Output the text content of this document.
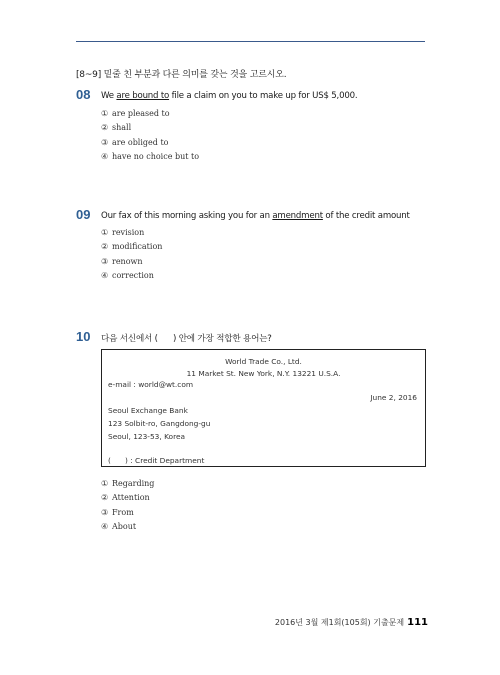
[8~9] 밑줄 친 부분과 다른 의미를 갖는 것을 고르시오.
08 We are bound to file a claim on you to make up for US$ 5,000.
① are pleased to
② shall
③ are obliged to
④ have no choice but to
09 Our fax of this morning asking you for an amendment of the credit amount
① revision
② modification
③ renown
④ correction
10 다음 서신에서 (      ) 안에 가장 적합한 용어는?
World Trade Co., Ltd.
11 Market St. New York, N.Y. 13221 U.S.A.
e-mail : world@wt.com
June 2, 2016
Seoul Exchange Bank
123 Solbit-ro, Gangdong-gu
Seoul, 123-53, Korea
(      ) : Credit Department
① Regarding
② Attention
③ From
④ About
2016년 3월 제1회(105회) 기출문제 111
